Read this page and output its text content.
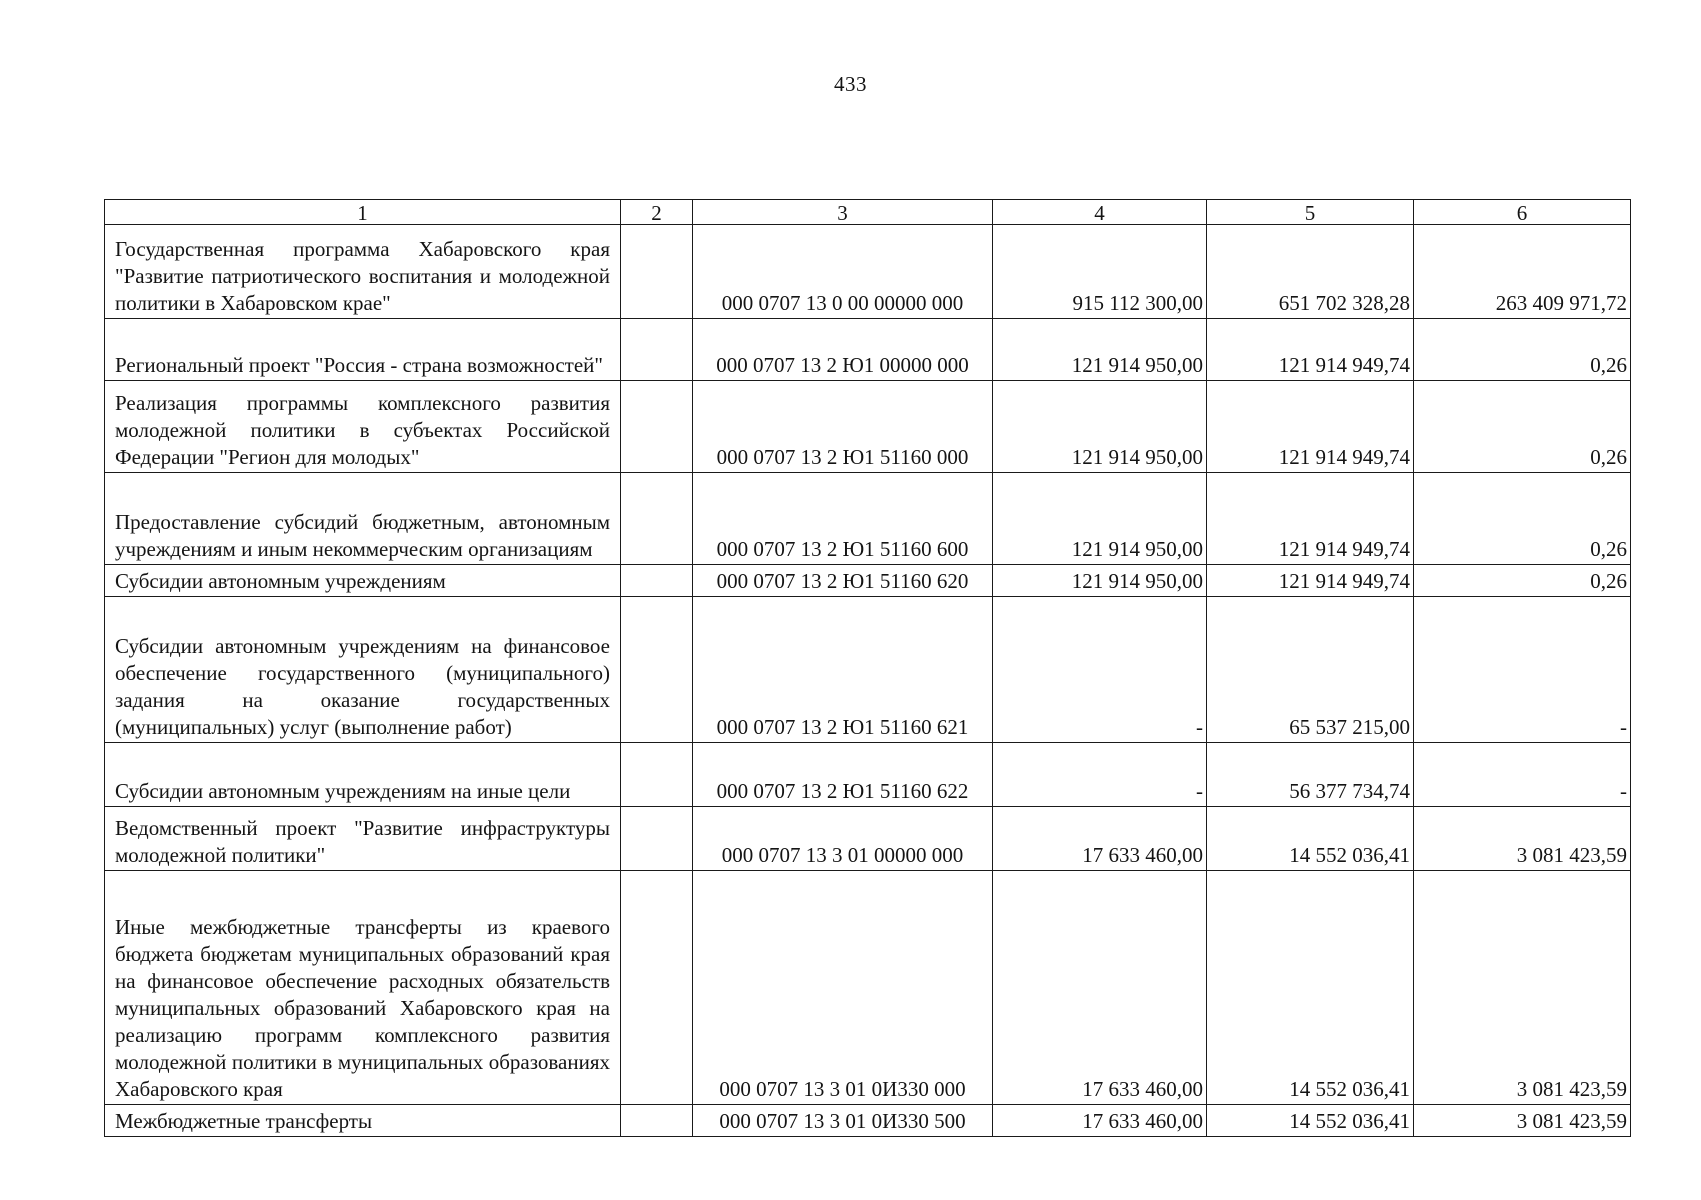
433
1	2	3	4	5	6
Государственная программа Хабаровского края "Развитие патриотического воспитания и молодежной политики в Хабаровском крае"		000 0707 13 0 00 00000 000	915 112 300,00	651 702 328,28	263 409 971,72
Региональный проект "Россия - страна возможностей"		000 0707 13 2 Ю1 00000 000	121 914 950,00	121 914 949,74	0,26
Реализация программы комплексного развития молодежной политики в субъектах Российской Федерации "Регион для молодых"		000 0707 13 2 Ю1 51160 000	121 914 950,00	121 914 949,74	0,26
Предоставление субсидий бюджетным, автономным учреждениям и иным некоммерческим организациям		000 0707 13 2 Ю1 51160 600	121 914 950,00	121 914 949,74	0,26
Субсидии автономным учреждениям		000 0707 13 2 Ю1 51160 620	121 914 950,00	121 914 949,74	0,26
Субсидии автономным учреждениям на финансовое обеспечение государственного (муниципального) задания на оказание государственных (муниципальных) услуг (выполнение работ)		000 0707 13 2 Ю1 51160 621	-	65 537 215,00	-
Субсидии автономным учреждениям на иные цели		000 0707 13 2 Ю1 51160 622	-	56 377 734,74	-
Ведомственный проект "Развитие инфраструктуры молодежной политики"		000 0707 13 3 01 00000 000	17 633 460,00	14 552 036,41	3 081 423,59
Иные межбюджетные трансферты из краевого бюджета бюджетам муниципальных образований края на финансовое обеспечение расходных обязательств муниципальных образований Хабаровского края на реализацию программ комплексного развития молодежной политики в муниципальных образованиях Хабаровского края		000 0707 13 3 01 0И330 000	17 633 460,00	14 552 036,41	3 081 423,59
Межбюджетные трансферты		000 0707 13 3 01 0И330 500	17 633 460,00	14 552 036,41	3 081 423,59
